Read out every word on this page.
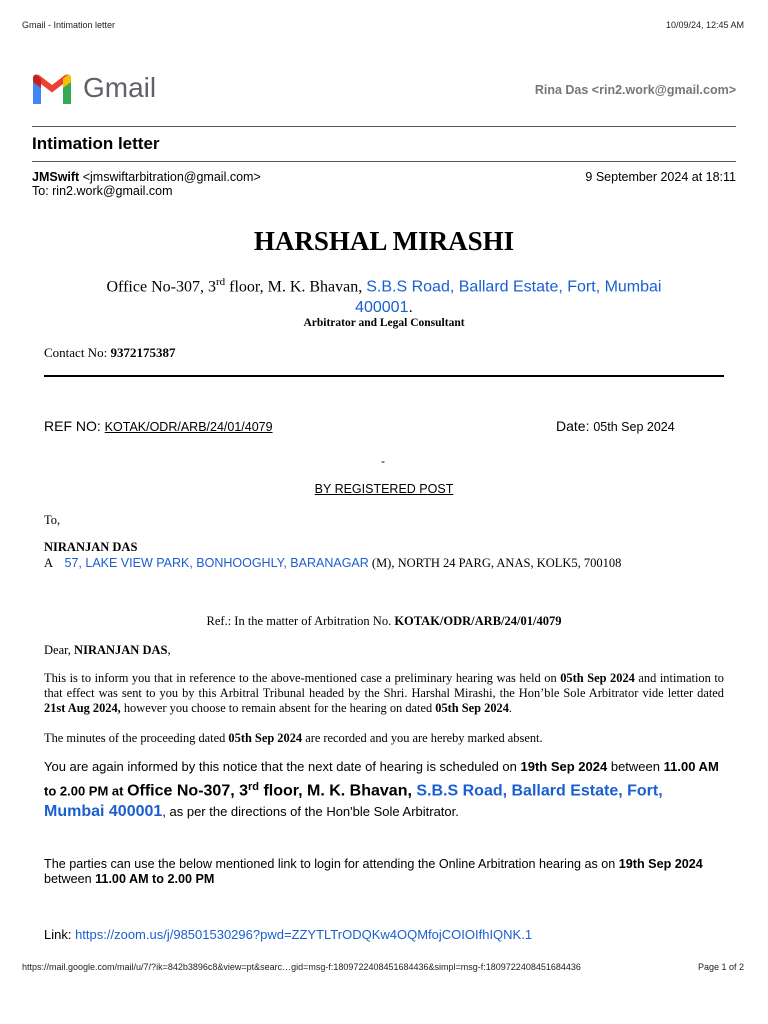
Gmail - Intimation letter	10/09/24, 12:45 AM
Gmail	Rina Das <rin2.work@gmail.com>
Intimation letter
JMSwift <jmswiftarbitration@gmail.com>	9 September 2024 at 18:11
To: rin2.work@gmail.com
HARSHAL MIRASHI
Office No-307, 3rd floor, M. K. Bhavan, S.B.S Road, Ballard Estate, Fort, Mumbai
400001.
Arbitrator and Legal Consultant
Contact No: 9372175387
REF NO: KOTAK/ODR/ARB/24/01/4079	Date: 05th Sep 2024
-
BY REGISTERED POST
To,
NIRANJAN DAS
A 57, LAKE VIEW PARK, BONHOOGHLY, BARANAGAR (M), NORTH 24 PARG, ANAS, KOLK5, 700108
Ref.: In the matter of Arbitration No. KOTAK/ODR/ARB/24/01/4079
Dear, NIRANJAN DAS,
This is to inform you that in reference to the above-mentioned case a preliminary hearing was held on 05th Sep 2024 and intimation to that effect was sent to you by this Arbitral Tribunal headed by the Shri. Harshal Mirashi, the Hon’ble Sole Arbitrator vide letter dated 21st Aug 2024, however you choose to remain absent for the hearing on dated 05th Sep 2024.
The minutes of the proceeding dated 05th Sep 2024 are recorded and you are hereby marked absent.
You are again informed by this notice that the next date of hearing is scheduled on 19th Sep 2024 between 11.00 AM to 2.00 PM at Office No-307, 3rd floor, M. K. Bhavan, S.B.S Road, Ballard Estate, Fort, Mumbai 400001, as per the directions of the Hon'ble Sole Arbitrator.
The parties can use the below mentioned link to login for attending the Online Arbitration hearing as on 19th Sep 2024 between 11.00 AM to 2.00 PM
Link: https://zoom.us/j/98501530296?pwd=ZZYTLTrODQKw4OQMfojCOIOIfhIQNK.1
https://mail.google.com/mail/u/7/?ik=842b3896c8&view=pt&searc…gid=msg-f:1809722408451684436&simpl=msg-f:1809722408451684436	Page 1 of 2
